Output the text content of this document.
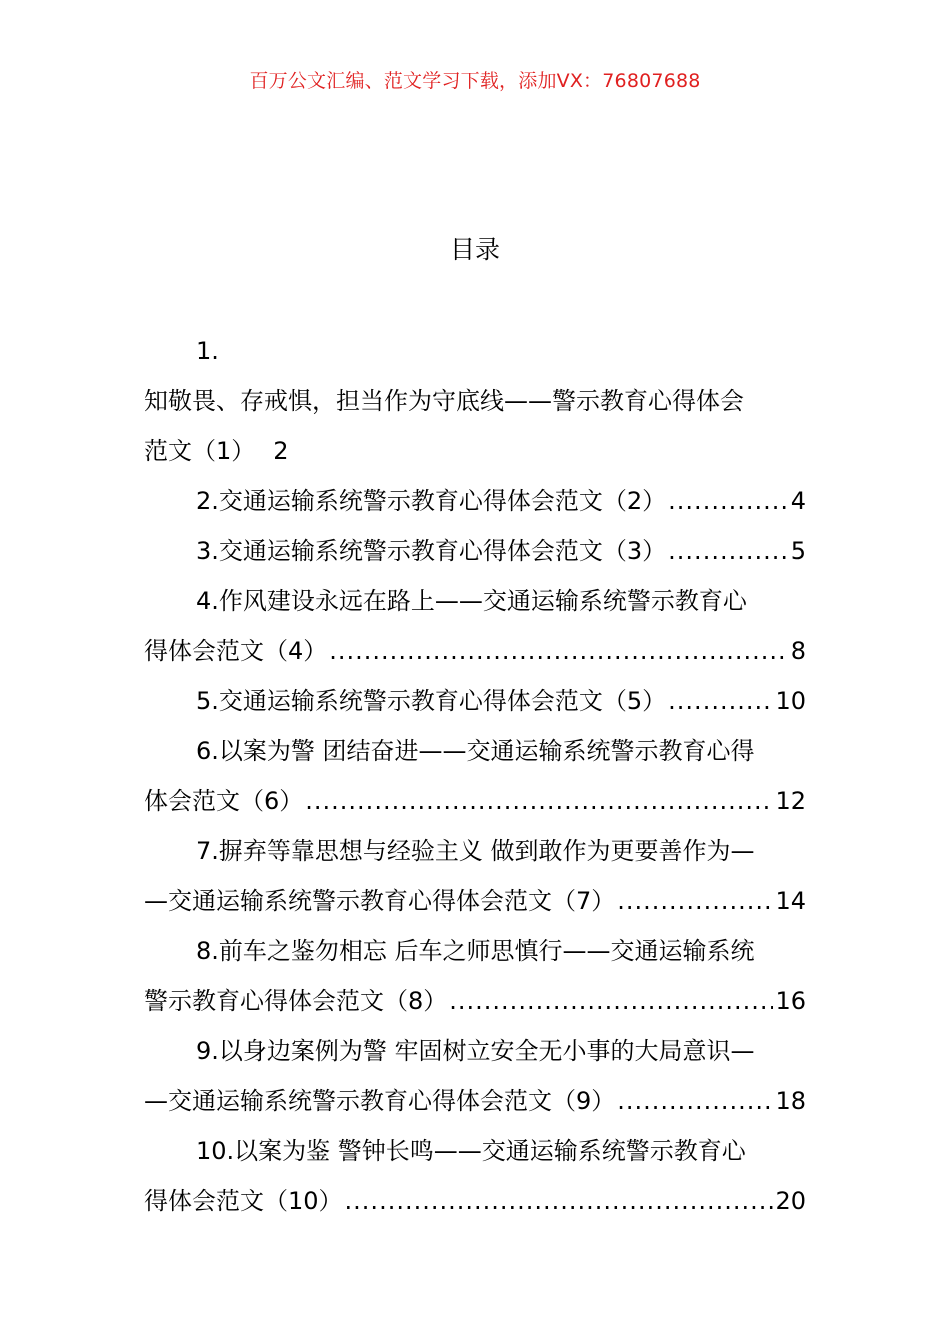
百万公文汇编、范文学习下载，添加VX：76807688
目录
1.
知敬畏、存戒惧，担当作为守底线——警示教育心得体会
范文（1） 2
2.交通运输系统警示教育心得体会范文（2） .....	4
3.交通运输系统警示教育心得体会范文（3） .....	5
4.作风建设永远在路上——交通运输系统警示教育心
得体会范文（4） .....	8
5.交通运输系统警示教育心得体会范文（5） .....	10
6.以案为警 团结奋进——交通运输系统警示教育心得
体会范文（6） .....	12
7.摒弃等靠思想与经验主义 做到敢作为更要善作为—
—交通运输系统警示教育心得体会范文（7） .....	14
8.前车之鉴勿相忘 后车之师思慎行——交通运输系统
警示教育心得体会范文（8） .....	16
9.以身边案例为警 牢固树立安全无小事的大局意识—
—交通运输系统警示教育心得体会范文（9） .....	18
10.以案为鉴 警钟长鸣——交通运输系统警示教育心
得体会范文（10） .....	20
